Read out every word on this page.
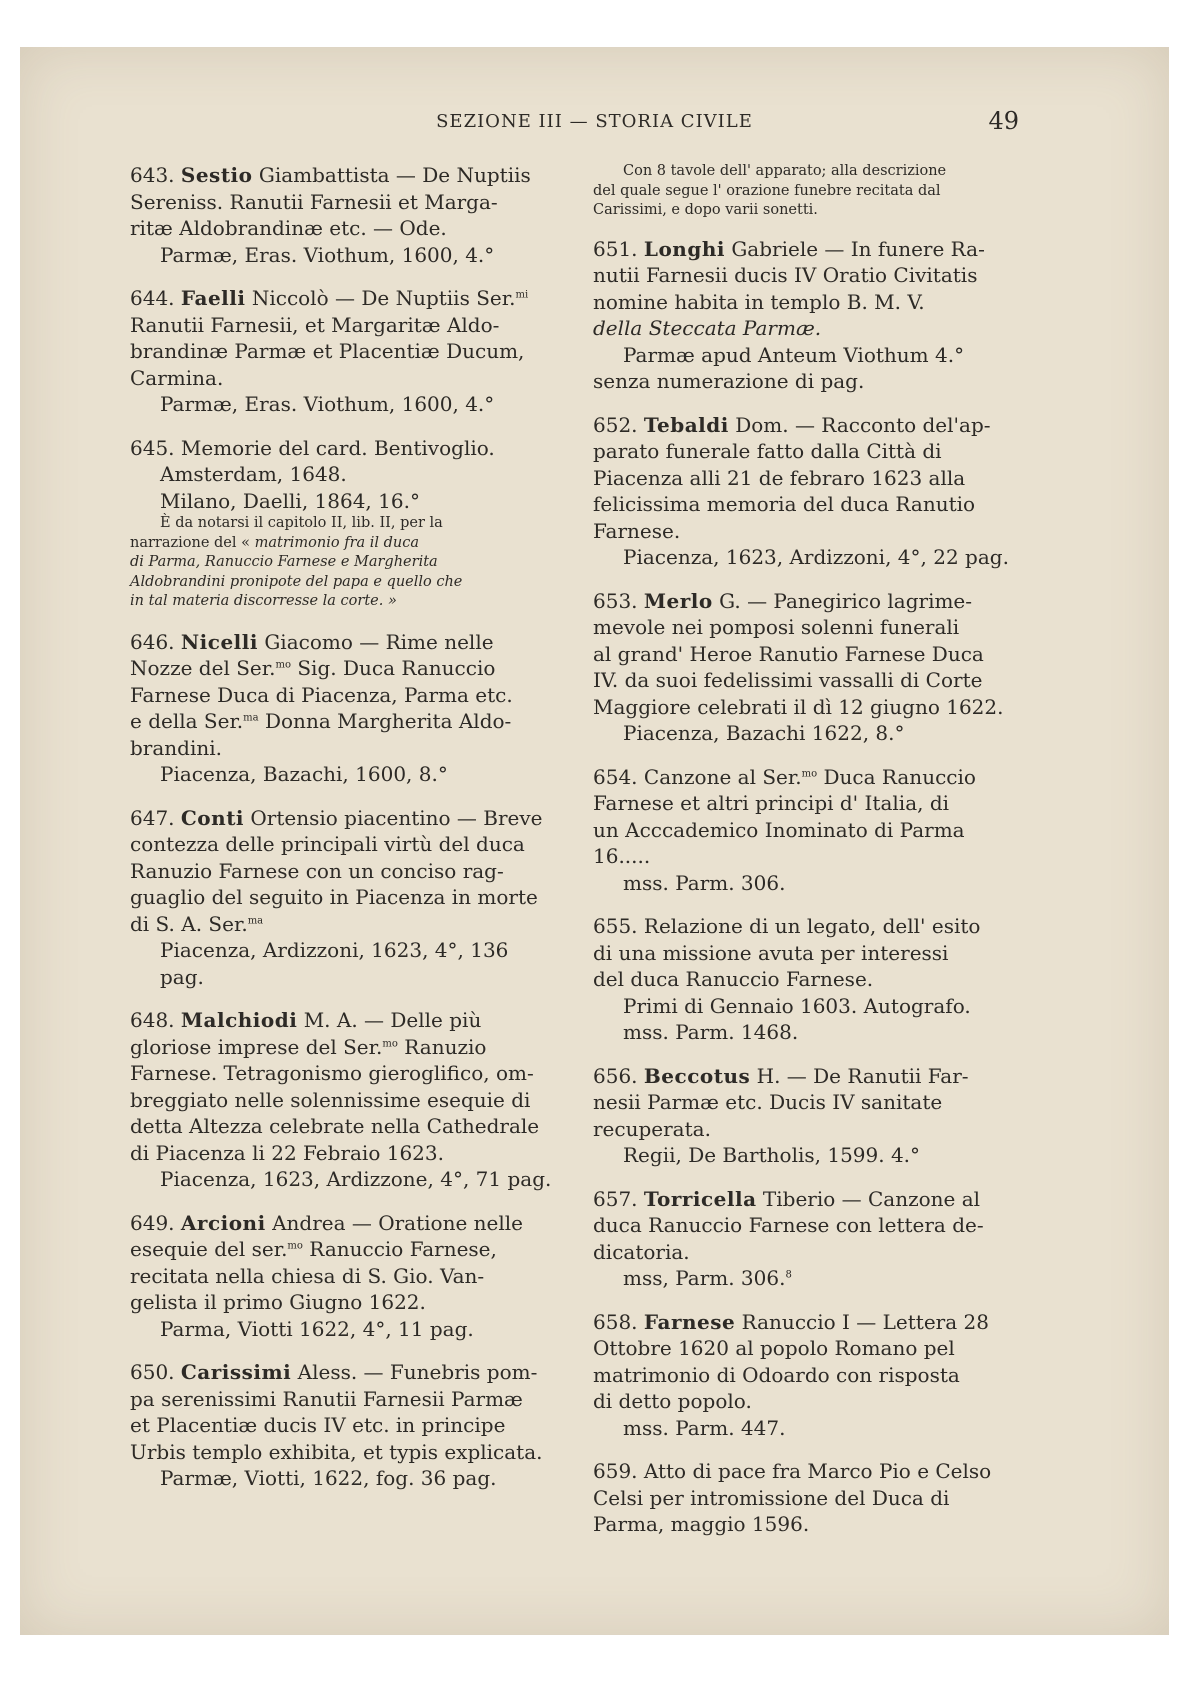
SEZIONE III — STORIA CIVILE	49
643. Sestio Giambattista — De Nuptiis
Sereniss. Ranutii Farnesii et Marga-
ritæ Aldobrandinæ etc. — Ode.
Parmæ, Eras. Viothum, 1600, 4.°
644. Faelli Niccolò — De Nuptiis Ser.$^{mi}$
Ranutii Farnesii, et Margaritæ Aldo-
brandinæ Parmæ et Placentiæ Ducum,
Carmina.
Parmæ, Eras. Viothum, 1600, 4.°
645. Memorie del card. Bentivoglio.
Amsterdam, 1648.
Milano, Daelli, 1864, 16.°
È da notarsi il capitolo II, lib. II, per la
narrazione del « matrimonio fra il duca
di Parma, Ranuccio Farnese e Margherita
Aldobrandini pronipote del papa e quello che
in tal materia discorresse la corte. »
646. Nicelli Giacomo — Rime nelle
Nozze del Ser.$^{mo}$ Sig. Duca Ranuccio
Farnese Duca di Piacenza, Parma etc.
e della Ser.$^{ma}$ Donna Margherita Aldo-
brandini.
Piacenza, Bazachi, 1600, 8.°
647. Conti Ortensio piacentino — Breve
contezza delle principali virtù del duca
Ranuzio Farnese con un conciso rag-
guaglio del seguito in Piacenza in morte
di S. A. Ser.$^{ma}$
Piacenza, Ardizzoni, 1623, 4°, 136
pag.
648. Malchiodi M. A. — Delle più
gloriose imprese del Ser.$^{mo}$ Ranuzio
Farnese. Tetragonismo gieroglifico, om-
breggiato nelle solennissime esequie di
detta Altezza celebrate nella Cathedrale
di Piacenza li 22 Febraio 1623.
Piacenza, 1623, Ardizzone, 4°, 71 pag.
649. Arcioni Andrea — Oratione nelle
esequie del ser.$^{mo}$ Ranuccio Farnese,
recitata nella chiesa di S. Gio. Van-
gelista il primo Giugno 1622.
Parma, Viotti 1622, 4°, 11 pag.
650. Carissimi Aless. — Funebris pom-
pa serenissimi Ranutii Farnesii Parmæ
et Placentiæ ducis IV etc. in principe
Urbis templo exhibita, et typis explicata.
Parmæ, Viotti, 1622, fog. 36 pag.
Con 8 tavole dell' apparato; alla descrizione
del quale segue l' orazione funebre recitata dal
Carissimi, e dopo varii sonetti.
651. Longhi Gabriele — In funere Ra-
nutii Farnesii ducis IV Oratio Civitatis
nomine habita in templo B. M. V.
della Steccata Parmæ.
Parmæ apud Anteum Viothum 4.°
senza numerazione di pag.
652. Tebaldi Dom. — Racconto del'ap-
parato funerale fatto dalla Città di
Piacenza alli 21 de febraro 1623 alla
felicissima memoria del duca Ranutio
Farnese.
Piacenza, 1623, Ardizzoni, 4°, 22 pag.
653. Merlo G. — Panegirico lagrime-
mevole nei pomposi solenni funerali
al grand' Heroe Ranutio Farnese Duca
IV. da suoi fedelissimi vassalli di Corte
Maggiore celebrati il dì 12 giugno 1622.
Piacenza, Bazachi 1622, 8.°
654. Canzone al Ser.$^{mo}$ Duca Ranuccio
Farnese et altri principi d' Italia, di
un Acccademico Inominato di Parma
16.....
mss. Parm. 306.
655. Relazione di un legato, dell' esito
di una missione avuta per interessi
del duca Ranuccio Farnese.
Primi di Gennaio 1603. Autografo.
mss. Parm. 1468.
656. Beccotus H. — De Ranutii Far-
nesii Parmæ etc. Ducis IV sanitate
recuperata.
Regii, De Bartholis, 1599. 4.°
657. Torricella Tiberio — Canzone al
duca Ranuccio Farnese con lettera de-
dicatoria.
mss, Parm. 306.$^8$
658. Farnese Ranuccio I — Lettera 28
Ottobre 1620 al popolo Romano pel
matrimonio di Odoardo con risposta
di detto popolo.
mss. Parm. 447.
659. Atto di pace fra Marco Pio e Celso
Celsi per intromissione del Duca di
Parma, maggio 1596.
